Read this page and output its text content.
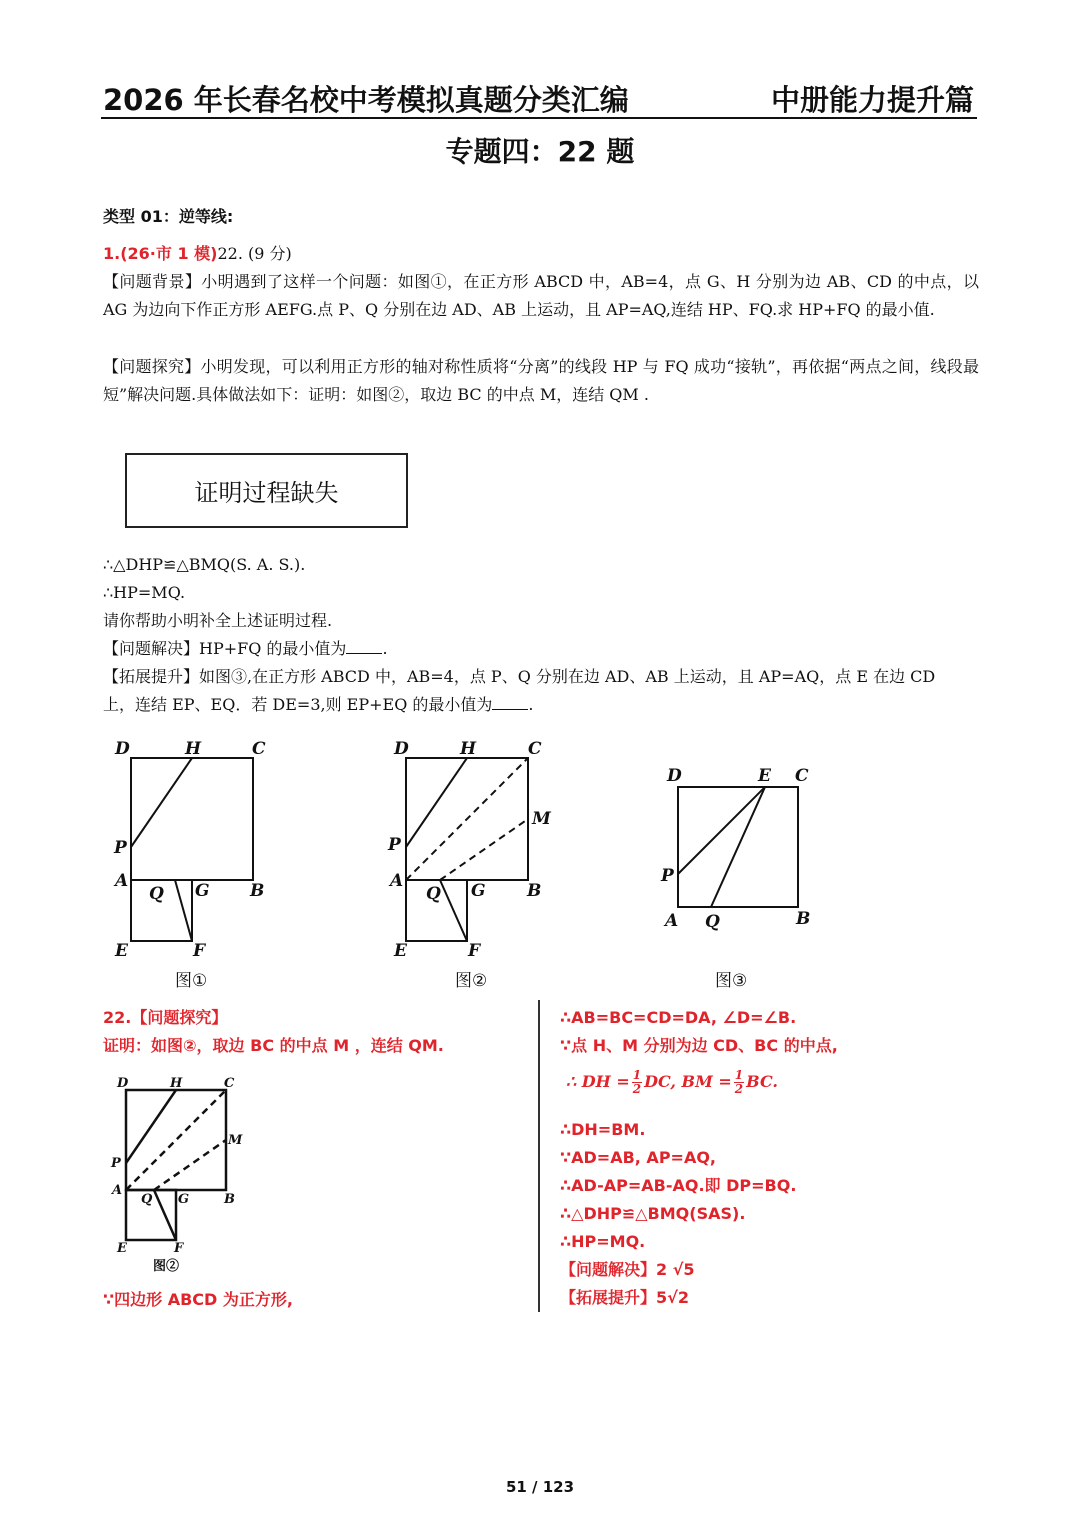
2026 年长春名校中考模拟真题分类汇编	中册能力提升篇
专题四：22 题
类型 01：逆等线:
1.(26·市 1 模)22. (9 分)
【问题背景】小明遇到了这样一个问题：如图①，在正方形 ABCD 中，AB=4，点 G、H 分别为边 AB、CD 的中点，以 AG 为边向下作正方形 AEFG.点 P、Q 分别在边 AD、AB 上运动，且 AP=AQ,连结 HP、FQ.求 HP+FQ 的最小值.
【问题探究】小明发现，可以利用正方形的轴对称性质将“分离”的线段 HP 与 FQ 成功“接轨”，再依据“两点之间，线段最短”解决问题.具体做法如下：证明：如图②，取边 BC 的中点 M，连结 QM .
证明过程缺失
∴△DHP≌△BMQ(S. A. S.).
∴HP=MQ.
请你帮助小明补全上述证明过程.
【问题解决】HP+FQ 的最小值为 .
【拓展提升】如图③,在正方形 ABCD 中，AB=4，点 P、Q 分别在边 AD、AB 上运动，且 AP=AQ，点 E 在边 CD
上，连结 EP、EQ．若 DE=3,则 EP+EQ 的最小值为 .
D	H	C
P
A
Q G B
E	F
图①
D	H	C
M
P
A
Q G B
E	F
图②
D	E C
P
A Q	B
图③
22.【问题探究】
证明：如图②，取边 BC 的中点 M ，连结 QM.
D	H	C
M
P
A
Q G	B
E	F
图②
∵四边形 ABCD 为正方形,
∴AB=BC=CD=DA, ∠D=∠B.
∵点 H、M 分别为边 CD、BC 的中点,
∴ DH = $\frac{1}{2}$ DC, BM = $\frac{1}{2}$ BC.
∴DH=BM.
∵AD=AB, AP=AQ,
∴AD-AP=AB-AQ.即 DP=BQ.
∴△DHP≌△BMQ(SAS).
∴HP=MQ.
【问题解决】2 √5
【拓展提升】5√2
51 / 123
